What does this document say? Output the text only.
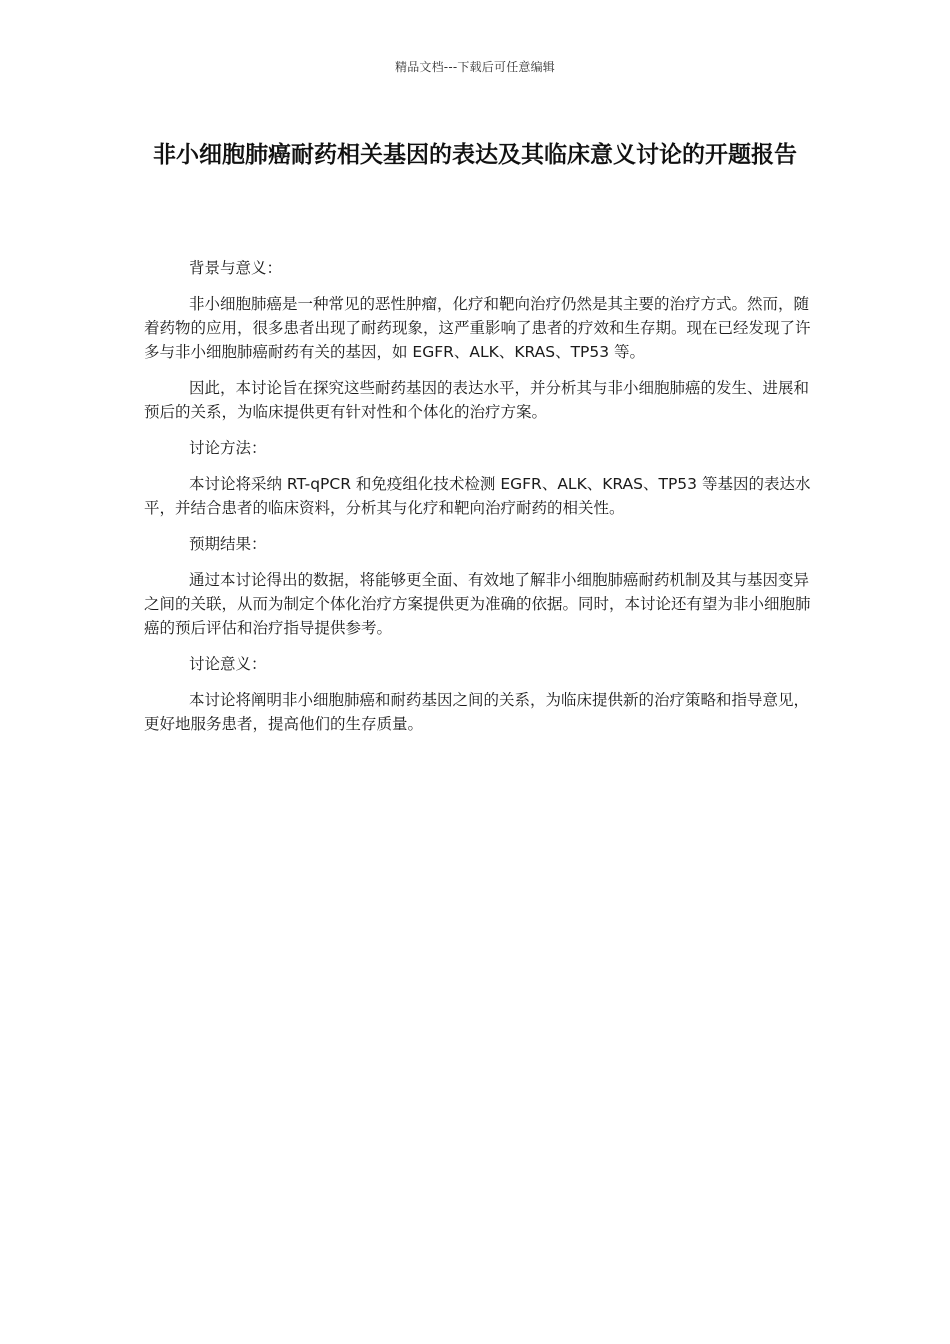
精品文档---下载后可任意编辑
非小细胞肺癌耐药相关基因的表达及其临床意义讨论的开题报告

背景与意义：

非小细胞肺癌是一种常见的恶性肿瘤，化疗和靶向治疗仍然是其主要的治疗方式。然而，随着药物的应用，很多患者出现了耐药现象，这严重影响了患者的疗效和生存期。现在已经发现了许多与非小细胞肺癌耐药有关的基因，如 EGFR、ALK、KRAS、TP53 等。

因此，本讨论旨在探究这些耐药基因的表达水平，并分析其与非小细胞肺癌的发生、进展和预后的关系，为临床提供更有针对性和个体化的治疗方案。

讨论方法：

本讨论将采纳 RT-qPCR 和免疫组化技术检测 EGFR、ALK、KRAS、TP53 等基因的表达水平，并结合患者的临床资料，分析其与化疗和靶向治疗耐药的相关性。

预期结果：

通过本讨论得出的数据，将能够更全面、有效地了解非小细胞肺癌耐药机制及其与基因变异之间的关联，从而为制定个体化治疗方案提供更为准确的依据。同时，本讨论还有望为非小细胞肺癌的预后评估和治疗指导提供参考。

讨论意义：

本讨论将阐明非小细胞肺癌和耐药基因之间的关系，为临床提供新的治疗策略和指导意见，更好地服务患者，提高他们的生存质量。
